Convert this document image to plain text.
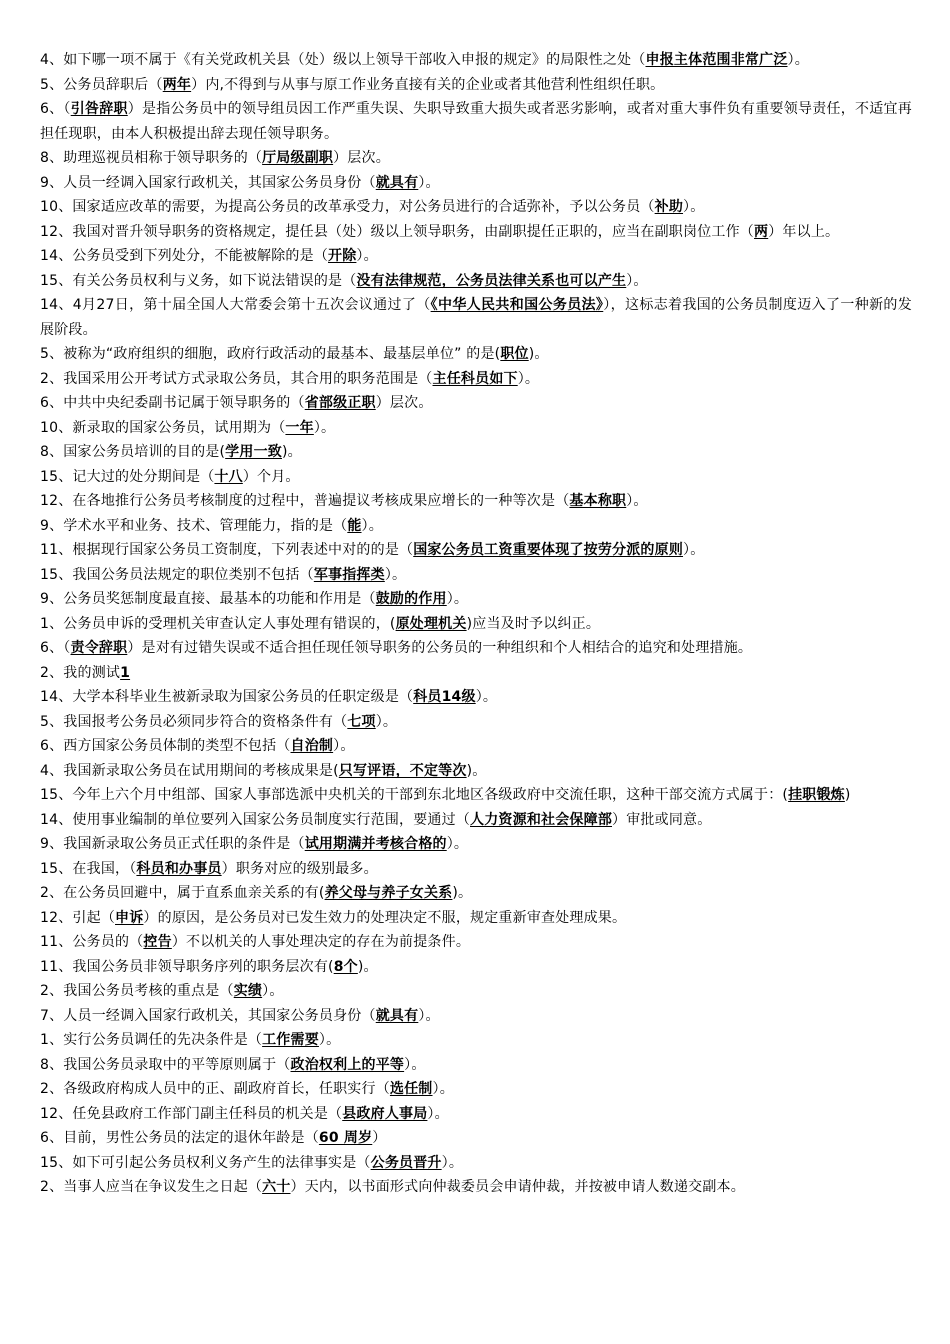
4、如下哪一项不属于《有关党政机关县（处）级以上领导干部收入申报的规定》的局限性之处（申报主体范围非常广泛）。

5、公务员辞职后（两年）内,不得到与从事与原工作业务直接有关的企业或者其他营利性组织任职。

6、（引咎辞职）是指公务员中的领导组员因工作严重失误、失职导致重大损失或者恶劣影响，或者对重大事件负有重要领导责任，不适宜再担任现职，由本人积极提出辞去现任领导职务。

8、助理巡视员相称于领导职务的（厅局级副职）层次。

9、人员一经调入国家行政机关，其国家公务员身份（就具有）。

10、国家适应改革的需要，为提高公务员的改革承受力，对公务员进行的合适弥补，予以公务员（补助）。

12、我国对晋升领导职务的资格规定，提任县（处）级以上领导职务，由副职提任正职的，应当在副职岗位工作（两）年以上。

14、公务员受到下列处分，不能被解除的是（开除）。

15、有关公务员权利与义务，如下说法错误的是（没有法律规范，公务员法律关系也可以产生）。

14、4月27日，第十届全国人大常委会第十五次会议通过了（《中华人民共和国公务员法》），这标志着我国的公务员制度迈入了一种新的发展阶段。

5、被称为“政府组织的细胞，政府行政活动的最基本、最基层单位” 的是(职位)。

2、我国采用公开考试方式录取公务员，其合用的职务范围是（主任科员如下）。

6、中共中央纪委副书记属于领导职务的（省部级正职）层次。

10、新录取的国家公务员，试用期为（一年）。

8、国家公务员培训的目的是(学用一致)。

15、记大过的处分期间是（十八）个月。

12、在各地推行公务员考核制度的过程中，普遍提议考核成果应增长的一种等次是（基本称职）。

9、学术水平和业务、技术、管理能力，指的是（能）。

11、根据现行国家公务员工资制度，下列表述中对的的是（国家公务员工资重要体现了按劳分派的原则）。

15、我国公务员法规定的职位类别不包括（军事指挥类）。

9、公务员奖惩制度最直接、最基本的功能和作用是（鼓励的作用）。

1、公务员申诉的受理机关审查认定人事处理有错误的，(原处理机关)应当及时予以纠正。

6、（责令辞职）是对有过错失误或不适合担任现任领导职务的公务员的一种组织和个人相结合的追究和处理措施。

2、我的测试1

14、大学本科毕业生被新录取为国家公务员的任职定级是（科员14级）。

5、我国报考公务员必须同步符合的资格条件有（七项）。

6、西方国家公务员体制的类型不包括（自治制）。

4、我国新录取公务员在试用期间的考核成果是(只写评语，不定等次)。

15、今年上六个月中组部、国家人事部选派中央机关的干部到东北地区各级政府中交流任职，这种干部交流方式属于：(挂职锻炼)

14、使用事业编制的单位要列入国家公务员制度实行范围，要通过（人力资源和社会保障部）审批或同意。

9、我国新录取公务员正式任职的条件是（试用期满并考核合格的）。

15、在我国，（科员和办事员）职务对应的级别最多。

2、在公务员回避中，属于直系血亲关系的有(养父母与养子女关系)。

12、引起（申诉）的原因，是公务员对已发生效力的处理决定不服，规定重新审查处理成果。

11、公务员的（控告）不以机关的人事处理决定的存在为前提条件。

11、我国公务员非领导职务序列的职务层次有(8个)。

2、我国公务员考核的重点是（实绩）。

7、人员一经调入国家行政机关，其国家公务员身份（就具有）。

1、实行公务员调任的先决条件是（工作需要）。

8、我国公务员录取中的平等原则属于（政治权利上的平等）。

2、各级政府构成人员中的正、副政府首长，任职实行（选任制）。

12、任免县政府工作部门副主任科员的机关是（县政府人事局）。

6、目前，男性公务员的法定的退休年龄是（60 周岁）

15、如下可引起公务员权利义务产生的法律事实是（公务员晋升）。

2、当事人应当在争议发生之日起（六十）天内，以书面形式向仲裁委员会申请仲裁，并按被申请人数递交副本。
